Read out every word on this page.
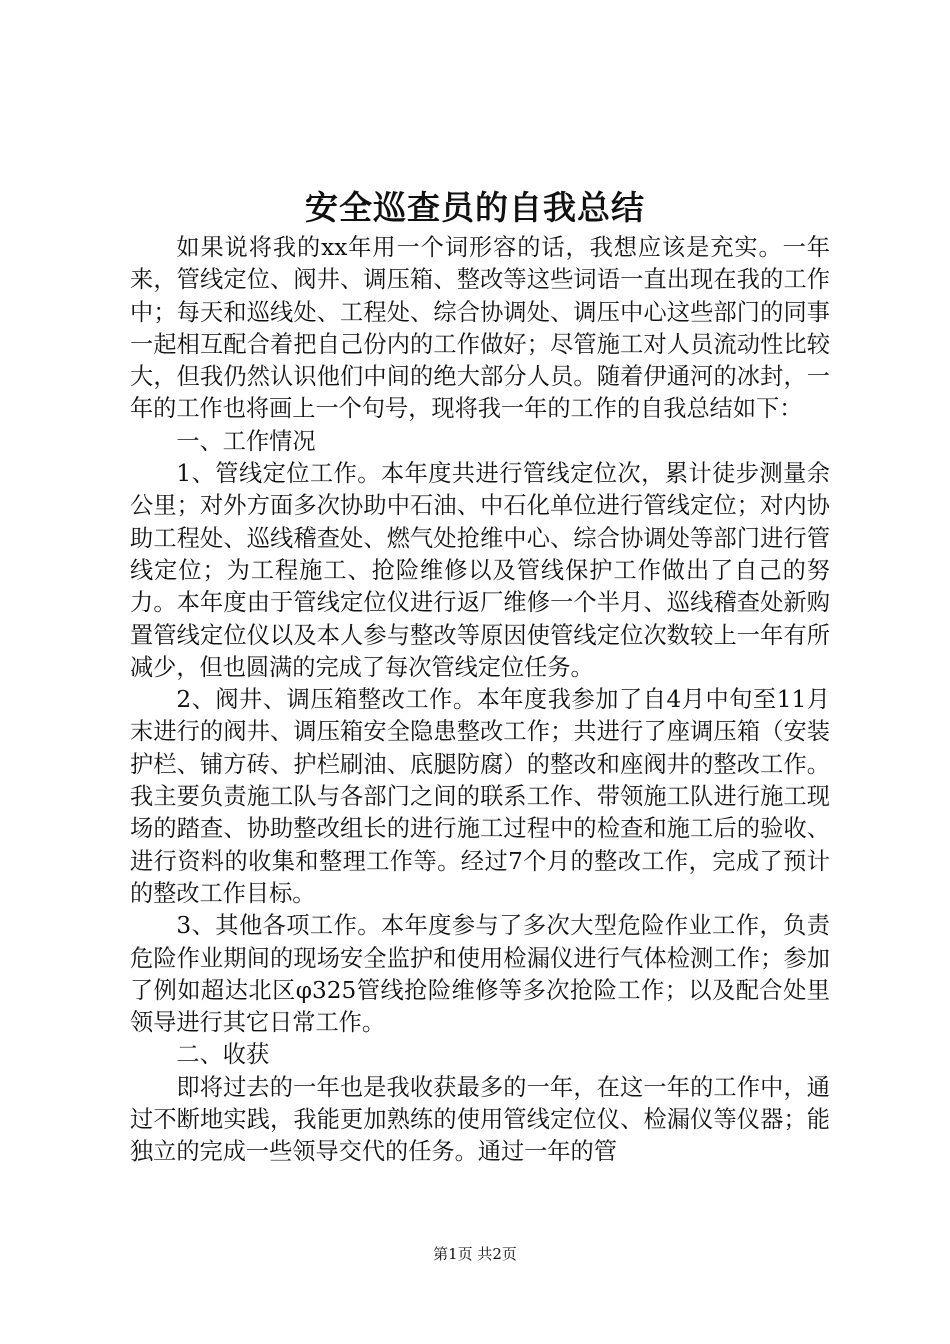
安全巡查员的自我总结

如果说将我的xx年用一个词形容的话，我想应该是充实。一年来，管线定位、阀井、调压箱、整改等这些词语一直出现在我的工作中；每天和巡线处、工程处、综合协调处、调压中心这些部门的同事一起相互配合着把自己份内的工作做好；尽管施工对人员流动性比较大，但我仍然认识他们中间的绝大部分人员。随着伊通河的冰封，一年的工作也将画上一个句号，现将我一年的工作的自我总结如下：

一、工作情况

1、管线定位工作。本年度共进行管线定位次，累计徒步测量余公里；对外方面多次协助中石油、中石化单位进行管线定位；对内协助工程处、巡线稽查处、燃气处抢维中心、综合协调处等部门进行管线定位；为工程施工、抢险维修以及管线保护工作做出了自己的努力。本年度由于管线定位仪进行返厂维修一个半月、巡线稽查处新购置管线定位仪以及本人参与整改等原因使管线定位次数较上一年有所减少，但也圆满的完成了每次管线定位任务。

2、阀井、调压箱整改工作。本年度我参加了自4月中旬至11月末进行的阀井、调压箱安全隐患整改工作；共进行了座调压箱（安装护栏、铺方砖、护栏刷油、底腿防腐）的整改和座阀井的整改工作。我主要负责施工队与各部门之间的联系工作、带领施工队进行施工现场的踏查、协助整改组长的进行施工过程中的检查和施工后的验收、进行资料的收集和整理工作等。经过7个月的整改工作，完成了预计的整改工作目标。

3、其他各项工作。本年度参与了多次大型危险作业工作，负责危险作业期间的现场安全监护和使用检漏仪进行气体检测工作；参加了例如超达北区φ325管线抢险维修等多次抢险工作；以及配合处里领导进行其它日常工作。

二、收获

即将过去的一年也是我收获最多的一年，在这一年的工作中，通过不断地实践，我能更加熟练的使用管线定位仪、检漏仪等仪器；能独立的完成一些领导交代的任务。通过一年的管

第1页 共2页
